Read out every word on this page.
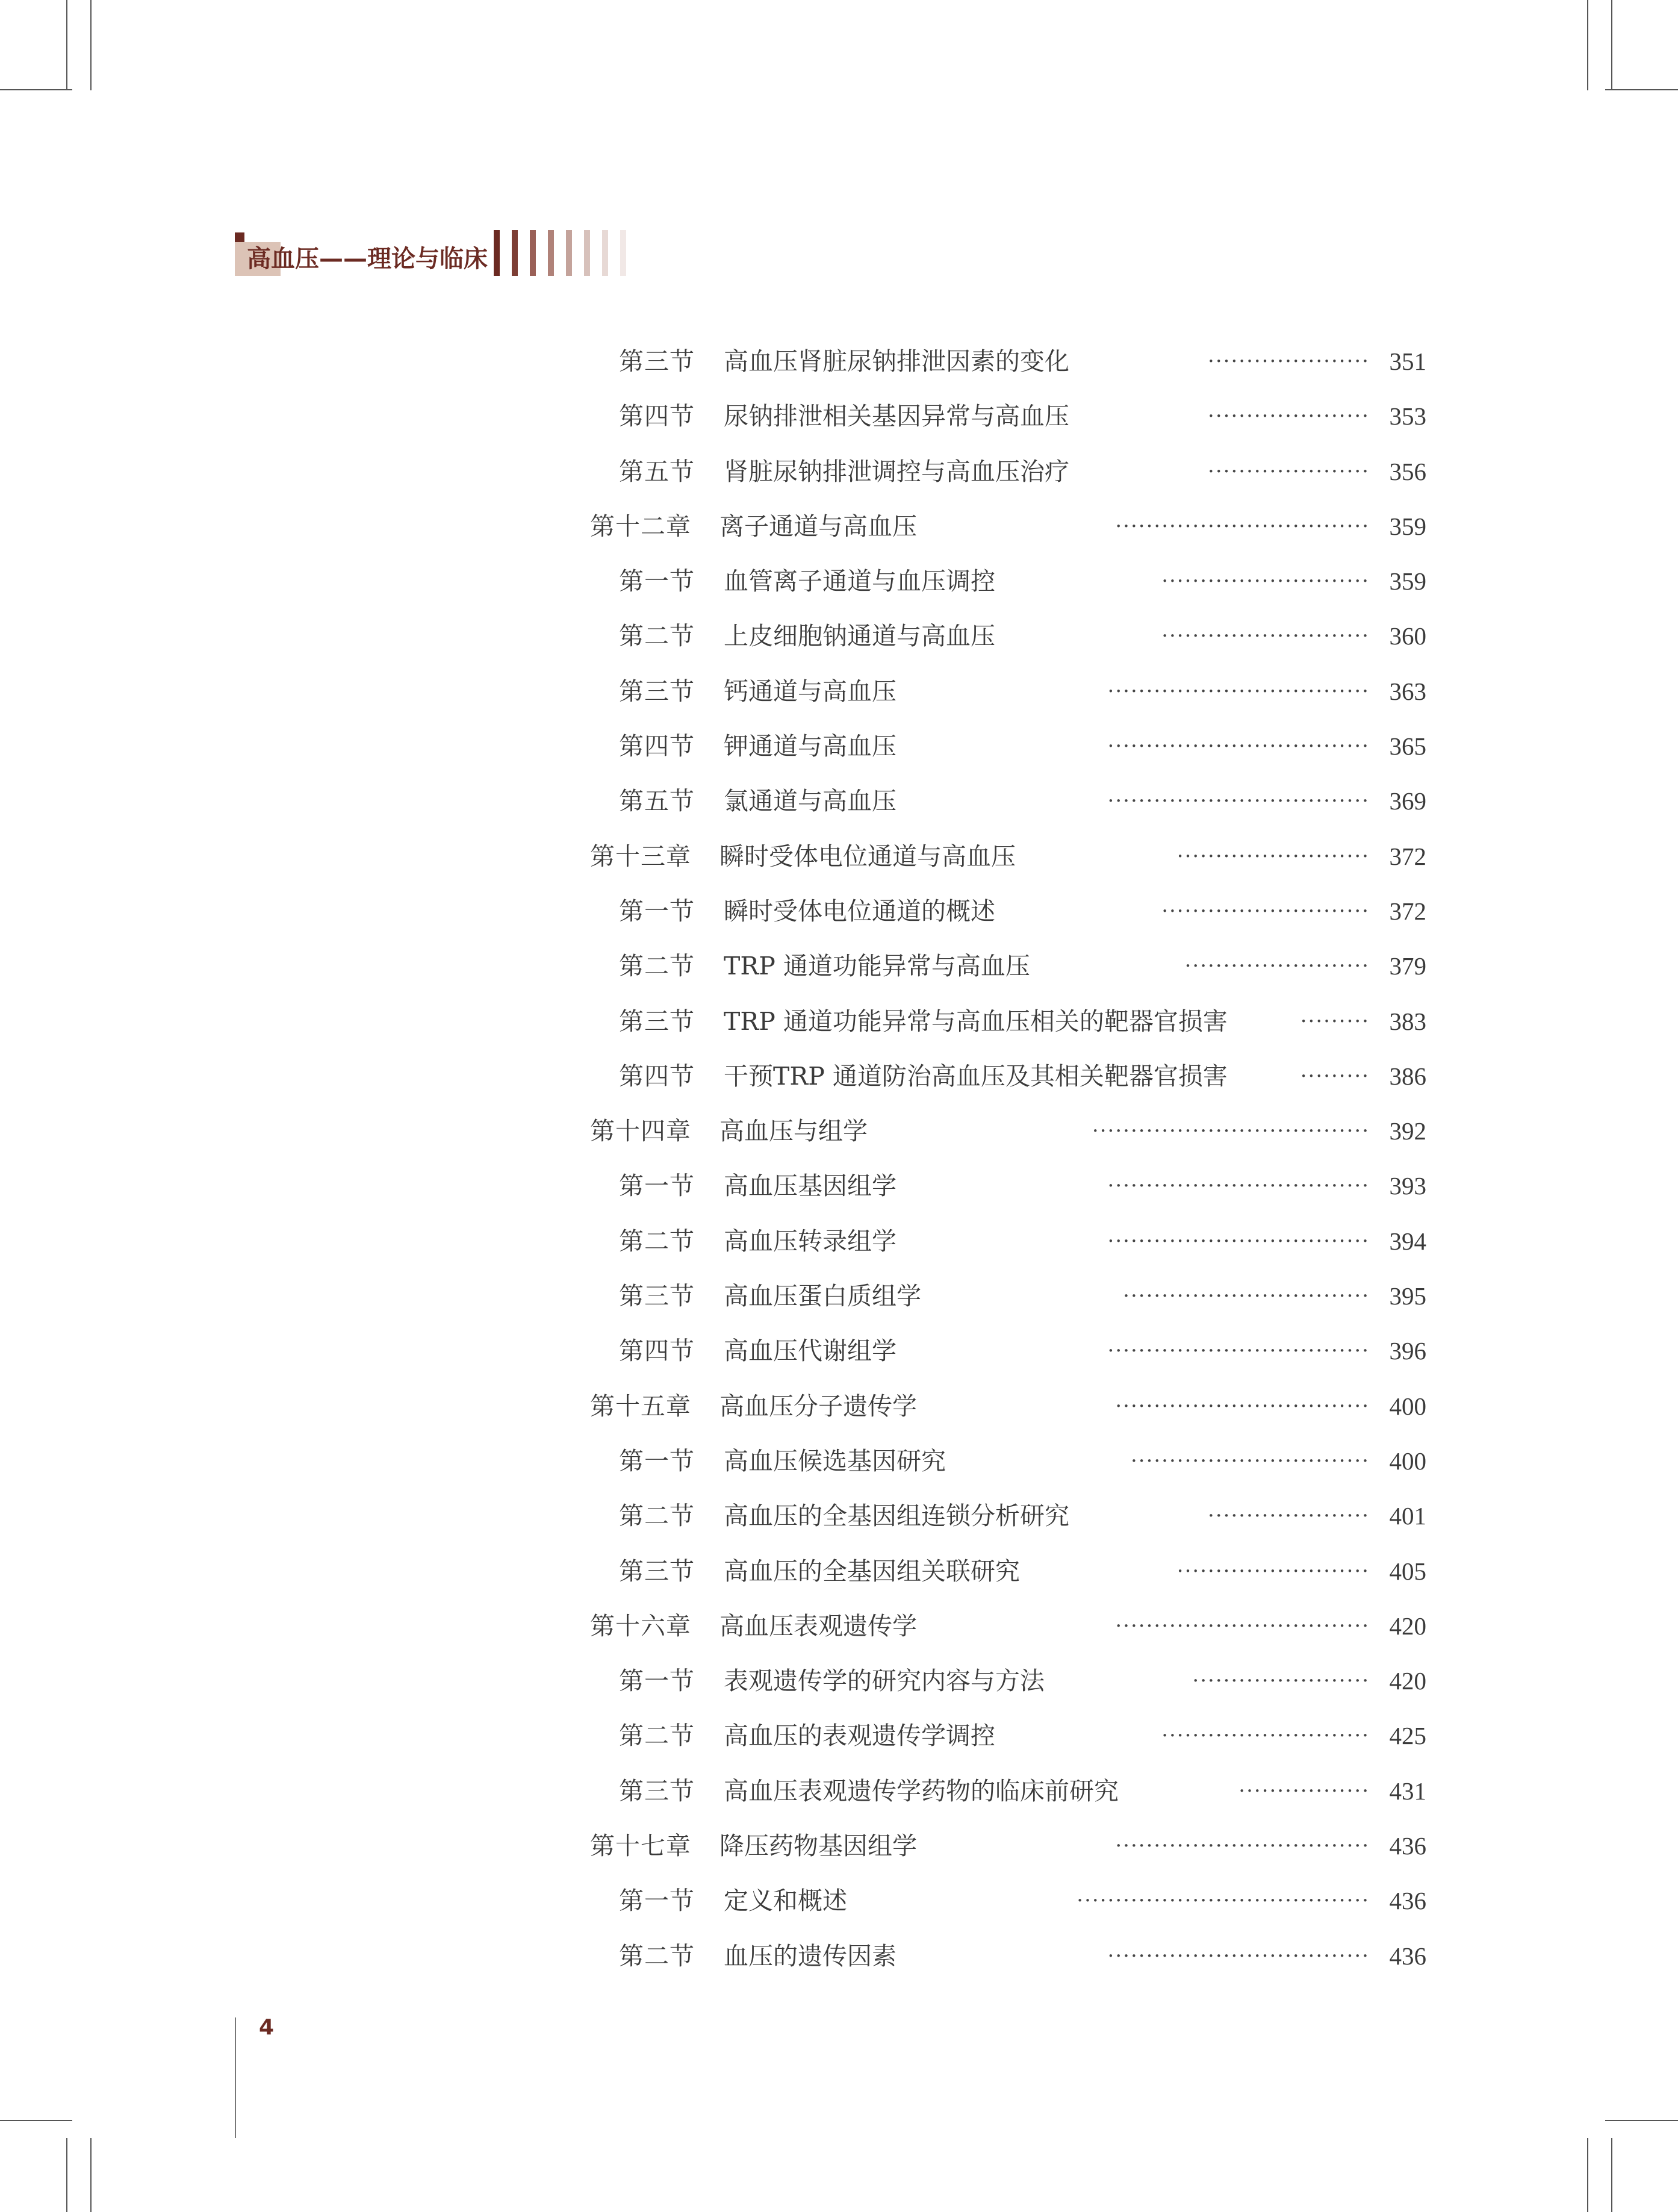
高血压——理论与临床
第三节 高血压肾脏尿钠排泄因素的变化	····················· 351
第四节 尿钠排泄相关基因异常与高血压	····················· 353
第五节 肾脏尿钠排泄调控与高血压治疗	····················· 356
第十二章 离子通道与高血压	································· 359
第一节 血管离子通道与血压调控	··························· 359
第二节 上皮细胞钠通道与高血压	··························· 360
第三节 钙通道与高血压	·································· 363
第四节 钾通道与高血压	·································· 365
第五节 氯通道与高血压	·································· 369
第十三章 瞬时受体电位通道与高血压	························· 372
第一节 瞬时受体电位通道的概述	··························· 372
第二节 TRP 通道功能异常与高血压	························ 379
第三节 TRP 通道功能异常与高血压相关的靶器官损害	········· 383
第四节 干预TRP 通道防治高血压及其相关靶器官损害	········· 386
第十四章 高血压与组学	···································· 392
第一节 高血压基因组学	·································· 393
第二节 高血压转录组学	·································· 394
第三节 高血压蛋白质组学	································ 395
第四节 高血压代谢组学	·································· 396
第十五章 高血压分子遗传学	································· 400
第一节 高血压候选基因研究	······························· 400
第二节 高血压的全基因组连锁分析研究	····················· 401
第三节 高血压的全基因组关联研究	························· 405
第十六章 高血压表观遗传学	································· 420
第一节 表观遗传学的研究内容与方法	······················· 420
第二节 高血压的表观遗传学调控	··························· 425
第三节 高血压表观遗传学药物的临床前研究	················· 431
第十七章 降压药物基因组学	································· 436
第一节 定义和概述	······································ 436
第二节 血压的遗传因素	·································· 436
4
